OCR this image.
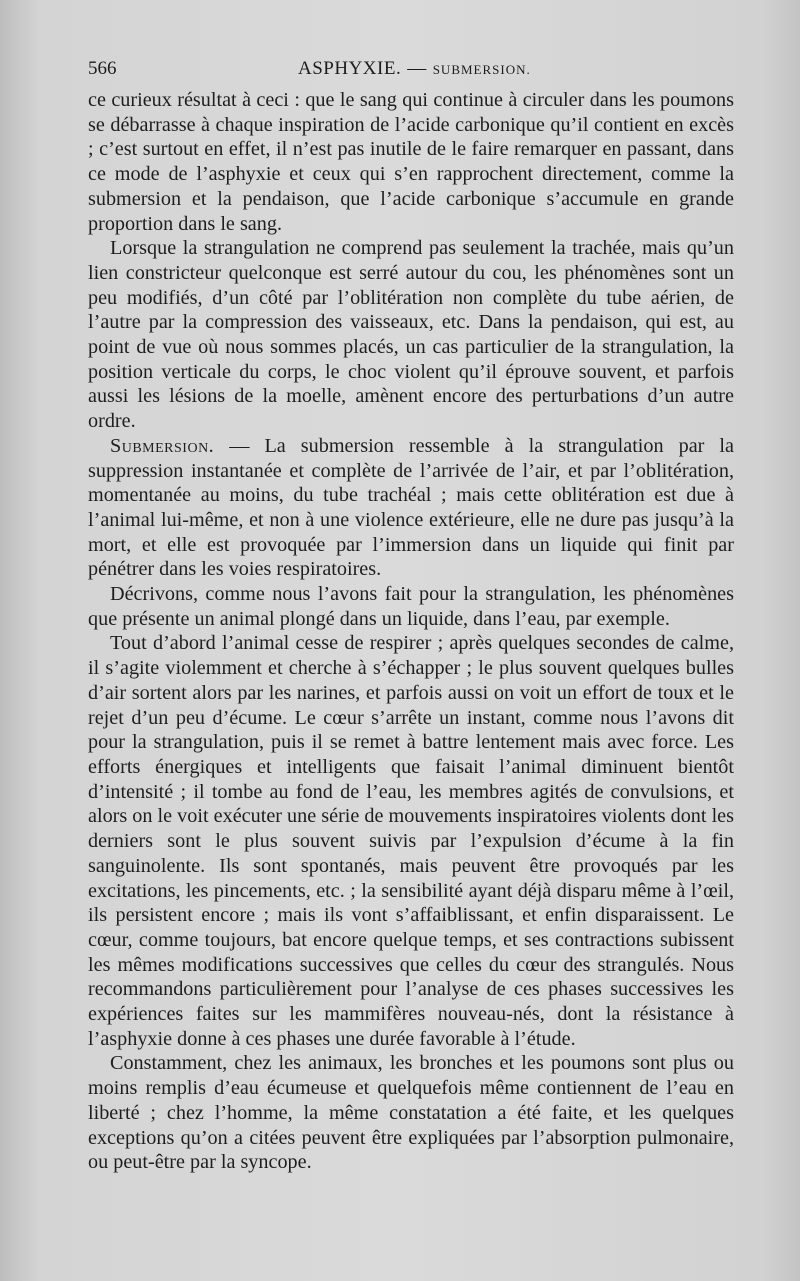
566	ASPHYXIE. — SUBMERSION.

ce curieux résultat à ceci : que le sang qui continue à circuler dans les poumons se débarrasse à chaque inspiration de l’acide carbonique qu’il contient en excès ; c’est surtout en effet, il n’est pas inutile de le faire remarquer en passant, dans ce mode de l’asphyxie et ceux qui s’en rapprochent directement, comme la submersion et la pendaison, que l’acide carbonique s’accumule en grande proportion dans le sang.

Lorsque la strangulation ne comprend pas seulement la trachée, mais qu’un lien constricteur quelconque est serré autour du cou, les phénomènes sont un peu modifiés, d’un côté par l’oblitération non complète du tube aérien, de l’autre par la compression des vaisseaux, etc. Dans la pendaison, qui est, au point de vue où nous sommes placés, un cas particulier de la strangulation, la position verticale du corps, le choc violent qu’il éprouve souvent, et parfois aussi les lésions de la moelle, amènent encore des perturbations d’un autre ordre.

Submersion. — La submersion ressemble à la strangulation par la suppression instantanée et complète de l’arrivée de l’air, et par l’oblitération, momentanée au moins, du tube trachéal ; mais cette oblitération est due à l’animal lui-même, et non à une violence extérieure, elle ne dure pas jusqu’à la mort, et elle est provoquée par l’immersion dans un liquide qui finit par pénétrer dans les voies respiratoires.

Décrivons, comme nous l’avons fait pour la strangulation, les phénomènes que présente un animal plongé dans un liquide, dans l’eau, par exemple.

Tout d’abord l’animal cesse de respirer ; après quelques secondes de calme, il s’agite violemment et cherche à s’échapper ; le plus souvent quelques bulles d’air sortent alors par les narines, et parfois aussi on voit un effort de toux et le rejet d’un peu d’écume. Le cœur s’arrête un instant, comme nous l’avons dit pour la strangulation, puis il se remet à battre lentement mais avec force. Les efforts énergiques et intelligents que faisait l’animal diminuent bientôt d’intensité ; il tombe au fond de l’eau, les membres agités de convulsions, et alors on le voit exécuter une série de mouvements inspiratoires violents dont les derniers sont le plus souvent suivis par l’expulsion d’écume à la fin sanguinolente. Ils sont spontanés, mais peuvent être provoqués par les excitations, les pincements, etc. ; la sensibilité ayant déjà disparu même à l’œil, ils persistent encore ; mais ils vont s’affaiblissant, et enfin disparaissent. Le cœur, comme toujours, bat encore quelque temps, et ses contractions subissent les mêmes modifications successives que celles du cœur des strangulés. Nous recommandons particulièrement pour l’analyse de ces phases successives les expériences faites sur les mammifères nouveau-nés, dont la résistance à l’asphyxie donne à ces phases une durée favorable à l’étude.

Constamment, chez les animaux, les bronches et les poumons sont plus ou moins remplis d’eau écumeuse et quelquefois même contiennent de l’eau en liberté ; chez l’homme, la même constatation a été faite, et les quelques exceptions qu’on a citées peuvent être expliquées par l’absorption pulmonaire, ou peut-être par la syncope.
